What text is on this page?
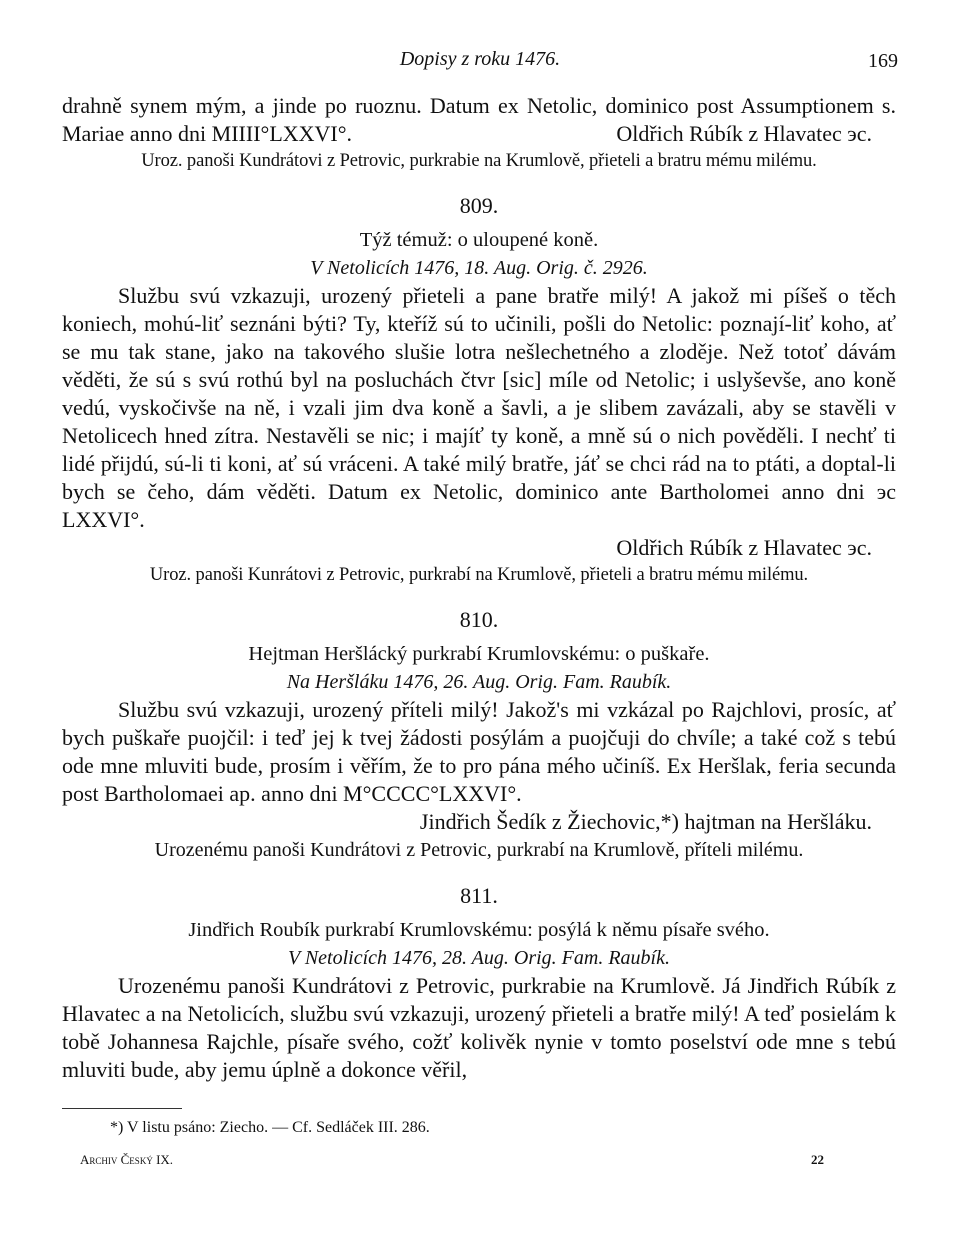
Dopisy z roku 1476.	169

drahně synem mým, a jinde po ruoznu. Datum ex Netolic, dominico post Assumptionem s. Mariae anno dni MIIII°LXXVI°.	Oldřich Rúbík z Hlavatec эc.

Uroz. panoši Kundrátovi z Petrovic, purkrabie na Krumlově, přieteli a bratru mému milému.

809.

Týž témuž: o uloupené koně.

V Netolicích 1476, 18. Aug. Orig. č. 2926.

Službu svú vzkazuji, urozený přieteli a pane bratře milý! A jakož mi píšeš o těch koniech, mohú-liť seznáni býti? Ty, kteříž sú to učinili, pošli do Netolic: poznají-liť koho, ať se mu tak stane, jako na takového slušie lotra nešlechetného a zloděje. Než totoť dávám věděti, že sú s svú rothú byl na posluchách čtvr [sic] míle od Netolic; i uslyševše, ano koně vedú, vyskočivše na ně, i vzali jim dva koně a šavli, a je slibem zavázali, aby se stavěli v Netolicech hned zítra. Nestavěli se nic; i majíť ty koně, a mně sú o nich pověděli. I nechť ti lidé přijdú, sú-li ti koni, ať sú vráceni. A také milý bratře, jáť se chci rád na to ptáti, a doptal-li bych se čeho, dám věděti. Datum ex Netolic, dominico ante Bartholomei anno dni эc LXXVI°.

Oldřich Rúbík z Hlavatec эc.

Uroz. panoši Kunrátovi z Petrovic, purkrabí na Krumlově, přieteli a bratru mému milému.

810.

Hejtman Heršlácký purkrabí Krumlovskému: o puškaře.

Na Heršláku 1476, 26. Aug. Orig. Fam. Raubík.

Službu svú vzkazuji, urozený příteli milý! Jakož's mi vzkázal po Rajchlovi, prosíc, ať bych puškaře puojčil: i teď jej k tvej žádosti posýlám a puojčuji do chvíle; a také což s tebú ode mne mluviti bude, prosím i věřím, že to pro pána mého učiníš. Ex Heršlak, feria secunda post Bartholomaei ap. anno dni M°CCCC°LXXVI°.

Jindřich Šedík z Žiechovic,*) hajtman na Heršláku.

Urozenému panoši Kundrátovi z Petrovic, purkrabí na Krumlově, příteli milému.

811.

Jindřich Roubík purkrabí Krumlovskému: posýlá k němu písaře svého.

V Netolicích 1476, 28. Aug. Orig. Fam. Raubík.

Urozenému panoši Kundrátovi z Petrovic, purkrabie na Krumlově. Já Jindřich Rúbík z Hlavatec a na Netolicích, službu svú vzkazuji, urozený přieteli a bratře milý! A teď posielám k tobě Johannesa Rajchle, písaře svého, cožť kolivěk nynie v tomto poselství ode mne s tebú mluviti bude, aby jemu úplně a dokonce věřil,

*) V listu psáno: Ziecho. — Cf. Sedláček III. 286.

Archiv Český IX.	22
